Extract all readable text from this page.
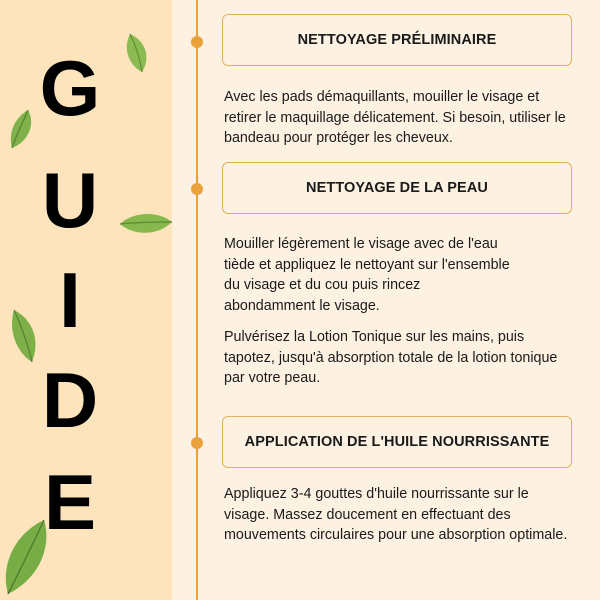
G
U
I
D
E
NETTOYAGE PRÉLIMINAIRE

Avec les pads démaquillants, mouiller le visage et retirer le maquillage délicatement. Si besoin, utiliser le bandeau pour protéger les cheveux.

NETTOYAGE DE LA PEAU

Mouiller légèrement le visage avec de l'eau tiède et appliquez le nettoyant sur l'ensemble du visage et du cou puis rincez abondamment le visage.

Pulvérisez la Lotion Tonique sur les mains, puis tapotez, jusqu'à absorption totale de la lotion tonique par votre peau.

APPLICATION DE L'HUILE NOURRISSANTE

Appliquez 3-4 gouttes d'huile nourrissante sur le visage. Massez doucement en effectuant des mouvements circulaires pour une absorption optimale.
